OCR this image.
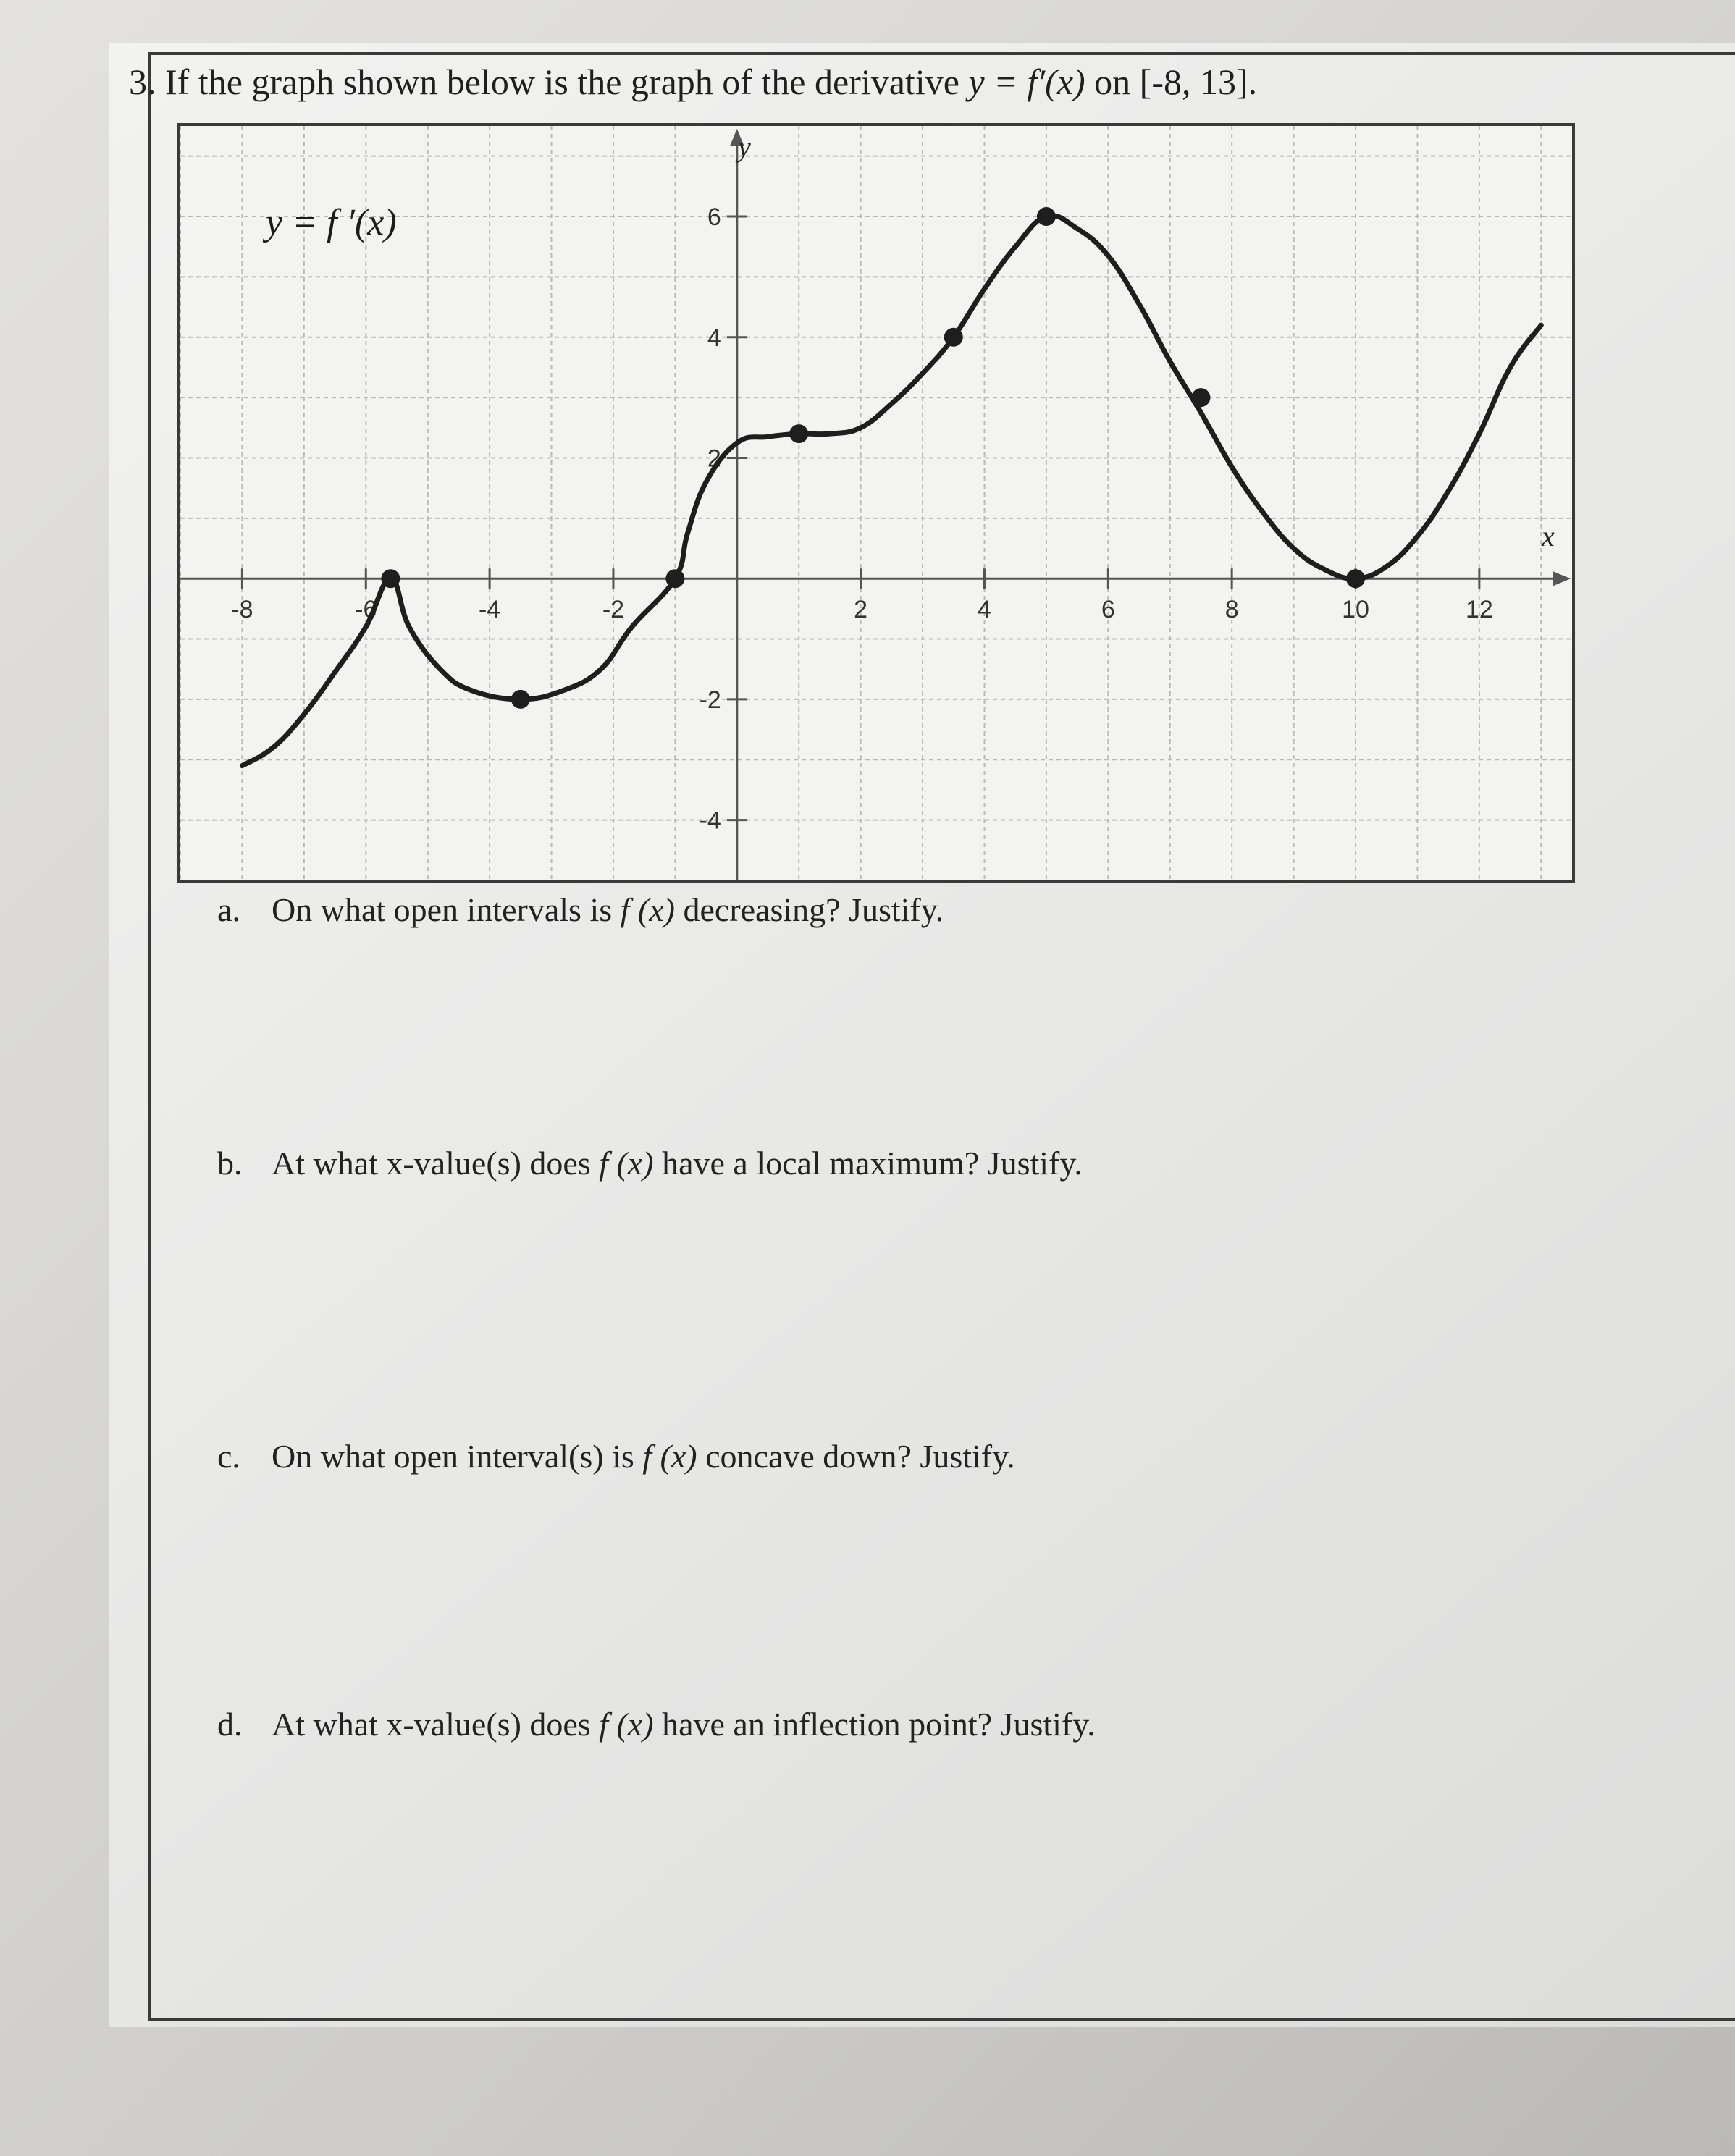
3. If the graph shown below is the graph of the derivative y = f′(x) on [-8, 13].
-8	-6	-4	-2	2	4	6	8	10	12
-4
-2
2
4
6
y = f ′(x)
x
y
a. On what open intervals is f (x) decreasing? Justify.
b. At what x-value(s) does f (x) have a local maximum? Justify.
c. On what open interval(s) is f (x) concave down? Justify.
d. At what x-value(s) does f (x) have an inflection point? Justify.
